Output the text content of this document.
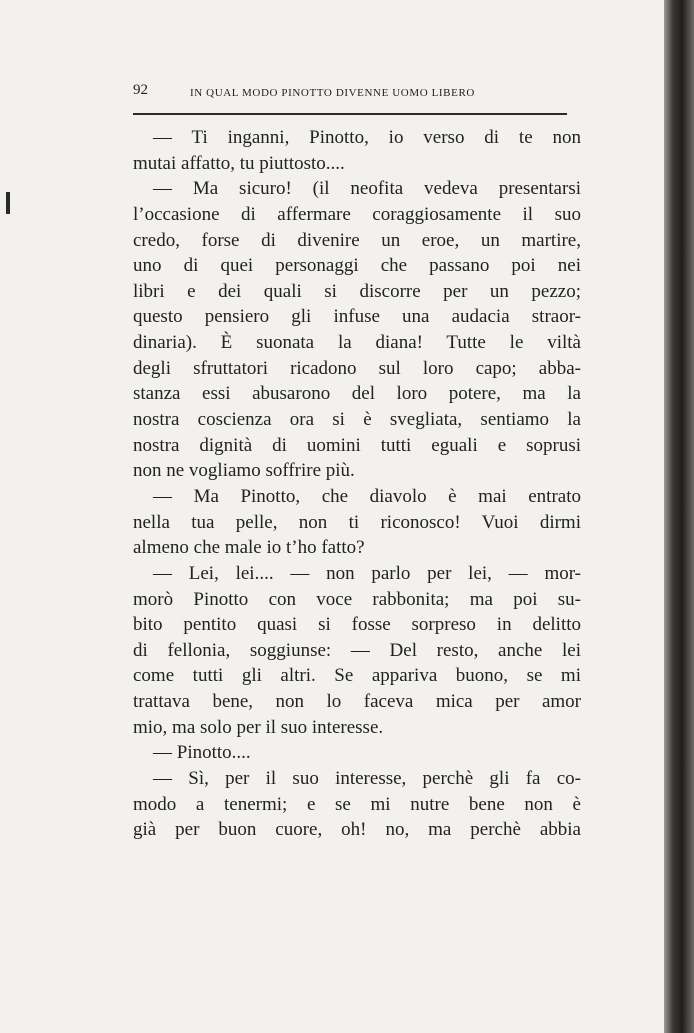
92	IN QUAL MODO PINOTTO DIVENNE UOMO LIBERO
— Ti inganni, Pinotto, io verso di te non
mutai affatto, tu piuttosto....
— Ma sicuro! (il neofita vedeva presentarsi
l’occasione di affermare coraggiosamente il suo
credo, forse di divenire un eroe, un martire,
uno di quei personaggi che passano poi nei
libri e dei quali si discorre per un pezzo;
questo pensiero gli infuse una audacia straor-
dinaria). È suonata la diana! Tutte le viltà
degli sfruttatori ricadono sul loro capo; abba-
stanza essi abusarono del loro potere, ma la
nostra coscienza ora si è svegliata, sentiamo la
nostra dignità di uomini tutti eguali e soprusi
non ne vogliamo soffrire più.
— Ma Pinotto, che diavolo è mai entrato
nella tua pelle, non ti riconosco! Vuoi dirmi
almeno che male io t’ho fatto?
— Lei, lei.... — non parlo per lei, — mor-
morò Pinotto con voce rabbonita; ma poi su-
bito pentito quasi si fosse sorpreso in delitto
di fellonia, soggiunse: — Del resto, anche lei
come tutti gli altri. Se appariva buono, se mi
trattava bene, non lo faceva mica per amor
mio, ma solo per il suo interesse.
— Pinotto....
— Sì, per il suo interesse, perchè gli fa co-
modo a tenermi; e se mi nutre bene non è
già per buon cuore, oh! no, ma perchè abbia
